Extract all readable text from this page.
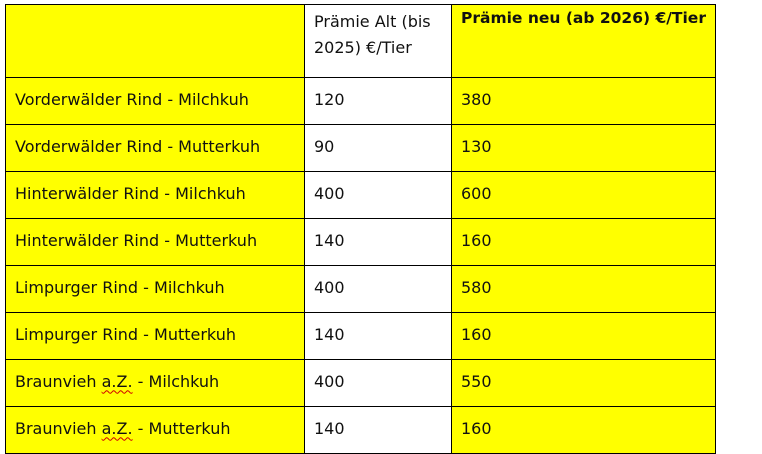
	Prämie Alt (bis 2025) €/Tier	Prämie neu (ab 2026) €/Tier
Vorderwälder Rind - Milchkuh	120	380
Vorderwälder Rind - Mutterkuh	90	130
Hinterwälder Rind - Milchkuh	400	600
Hinterwälder Rind - Mutterkuh	140	160
Limpurger Rind - Milchkuh	400	580
Limpurger Rind - Mutterkuh	140	160
Braunvieh a.Z. - Milchkuh	400	550
Braunvieh a.Z. - Mutterkuh	140	160
